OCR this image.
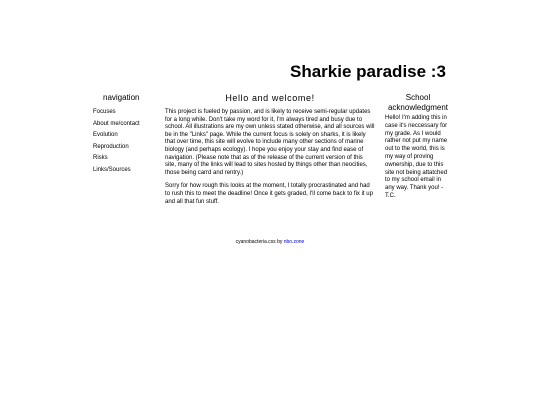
Sharkie paradise :3
navigation
Focuses
About me/contact
Evolution
Reproduction
Risks
Links/Sources
Hello and welcome!

This project is fueled by passion, and is likely to receive semi-regular updates for a long while. Don't take my word for it, I'm always tired and busy due to school. All illustrations are my own unless stated otherwise, and all sources will be in the "Links" page. While the current focus is solely on sharks, it is likely that over time, this site will evolve to include many other sections of marine biology (and perhaps ecology). I hope you enjoy your stay and find ease of navigation. (Please note that as of the release of the current version of this site, many of the links will lead to sites hosted by things other than neocities, those being carrd and rentry.)

Sorry for how rough this looks at the moment, I totally procrastinated and had to rush this to meet the deadline! Once it gets graded, I'll come back to fix it up and all that fun stuff.

School acknowledgment

Hello! I'm adding this in case it's neccessary for my grade. As I would rather not put my name out to the world, this is my way of proving ownership, due to this site not being attatched to my school email in any way. Thank you! - T.C.

cyanobacteria.css by nbo.zone
